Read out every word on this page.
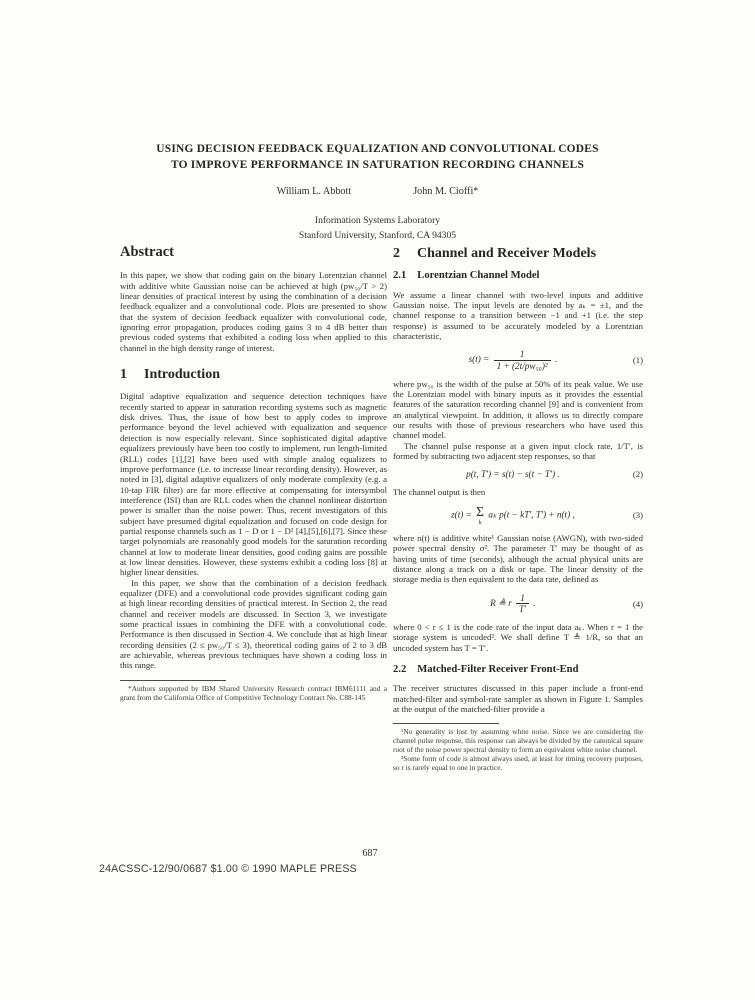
USING DECISION FEEDBACK EQUALIZATION AND CONVOLUTIONAL CODES
TO IMPROVE PERFORMANCE IN SATURATION RECORDING CHANNELS
William L. Abbott	John M. Cioffi*
Information Systems Laboratory
Stanford University, Stanford, CA 94305
Abstract

In this paper, we show that coding gain on the binary Lorentzian channel with additive white Gaussian noise can be achieved at high (pw₅₀/T > 2) linear densities of practical interest by using the combination of a decision feedback equalizer and a convolutional code. Plots are presented to show that the system of decision feedback equalizer with convolutional code, ignoring error propagation, produces coding gains 3 to 4 dB better than previous coded systems that exhibited a coding loss when applied to this channel in the high density range of interest.

1 Introduction

Digital adaptive equalization and sequence detection techniques have recently started to appear in saturation recording systems such as magnetic disk drives. Thus, the issue of how best to apply codes to improve performance beyond the level achieved with equalization and sequence detection is now especially relevant. Since sophisticated digital adaptive equalizers previously have been too costly to implement, run length-limited (RLL) codes [1],[2] have been used with simple analog equalizers to improve performance (i.e. to increase linear recording density). However, as noted in [3], digital adaptive equalizers of only moderate complexity (e.g. a 10-tap FIR filter) are far more effective at compensating for intersymbol interference (ISI) than are RLL codes when the channel nonlinear distortion power is smaller than the noise power. Thus, recent investigators of this subject have presumed digital equalization and focused on code design for partial response channels such as 1 − D or 1 − D² [4],[5],[6],[7]. Since these target polynomials are reasonably good models for the saturation recording channel at low to moderate linear densities, good coding gains are possible at low linear densities. However, these systems exhibit a coding loss [8] at higher linear densities.

In this paper, we show that the combination of a decision feedback equalizer (DFE) and a convolutional code provides significant coding gain at high linear recording densities of practical interest. In Section 2, the read channel and receiver models are discussed. In Section 3, we investigate some practical issues in combining the DFE with a convolutional code. Performance is then discussed in Section 4. We conclude that at high linear recording densities (2 ≤ pw₅₀/T ≤ 3), theoretical coding gains of 2 to 3 dB are achievable, whereas previous techniques have shown a coding loss in this range.

*Authors supported by IBM Shared University Research contract IBM61111 and a grant from the California Office of Competitive Technology Contract No. C88-145

2 Channel and Receiver Models
2.1 Lorentzian Channel Model

We assume a linear channel with two-level inputs and additive Gaussian noise. The input levels are denoted by aₖ = ±1, and the channel response to a transition between −1 and +1 (i.e. the step response) is assumed to be accurately modeled by a Lorentzian characteristic,

$s(t) = \frac{1}{\text{1 + (2t/pw₅₀)²}}$ .	(1)

where pw₅₀ is the width of the pulse at 50% of its peak value. We use the Lorentzian model with binary inputs as it provides the essential features of the saturation recording channel [9] and is convenient from an analytical viewpoint. In addition, it allows us to directly compare our results with those of previous researchers who have used this channel model.

The channel pulse response at a given input clock rate, 1/T′, is formed by subtracting two adjacent step responses, so that

p(t, T′) = s(t) − s(t − T′) .	(2)

The channel output is then

z(t) = Σ
k
aₖ p(t − kT′, T′) + n(t) ,	(3)

where n(t) is additive white¹ Gaussian noise (AWGN), with two-sided power spectral density σ². The parameter T′ may be thought of as having units of time (seconds), although the actual physical units are distance along a track on a disk or tape. The linear density of the storage media is then equivalent to the data rate, defined as

R ≜ r $\frac{1}{T'}$ .	(4)

where 0 < r ≤ 1 is the code rate of the input data aₖ. When r = 1 the storage system is uncoded². We shall define T ≜ 1/R, so that an uncoded system has T = T′.

2.2 Matched-Filter Receiver Front-End

The receiver structures discussed in this paper include a front-end matched-filter and symbol-rate sampler as shown in Figure 1. Samples at the output of the matched-filter provide a

¹No generality is lost by assuming white noise. Since we are considering the channel pulse response, this response can always be divided by the canonical square root of the noise power spectral density to form an equivalent white noise channel.

²Some form of code is almost always used, at least for timing recovery purposes, so r is rarely equal to one in practice.

687
24ACSSC-12/90/0687 $1.00 © 1990 MAPLE PRESS
